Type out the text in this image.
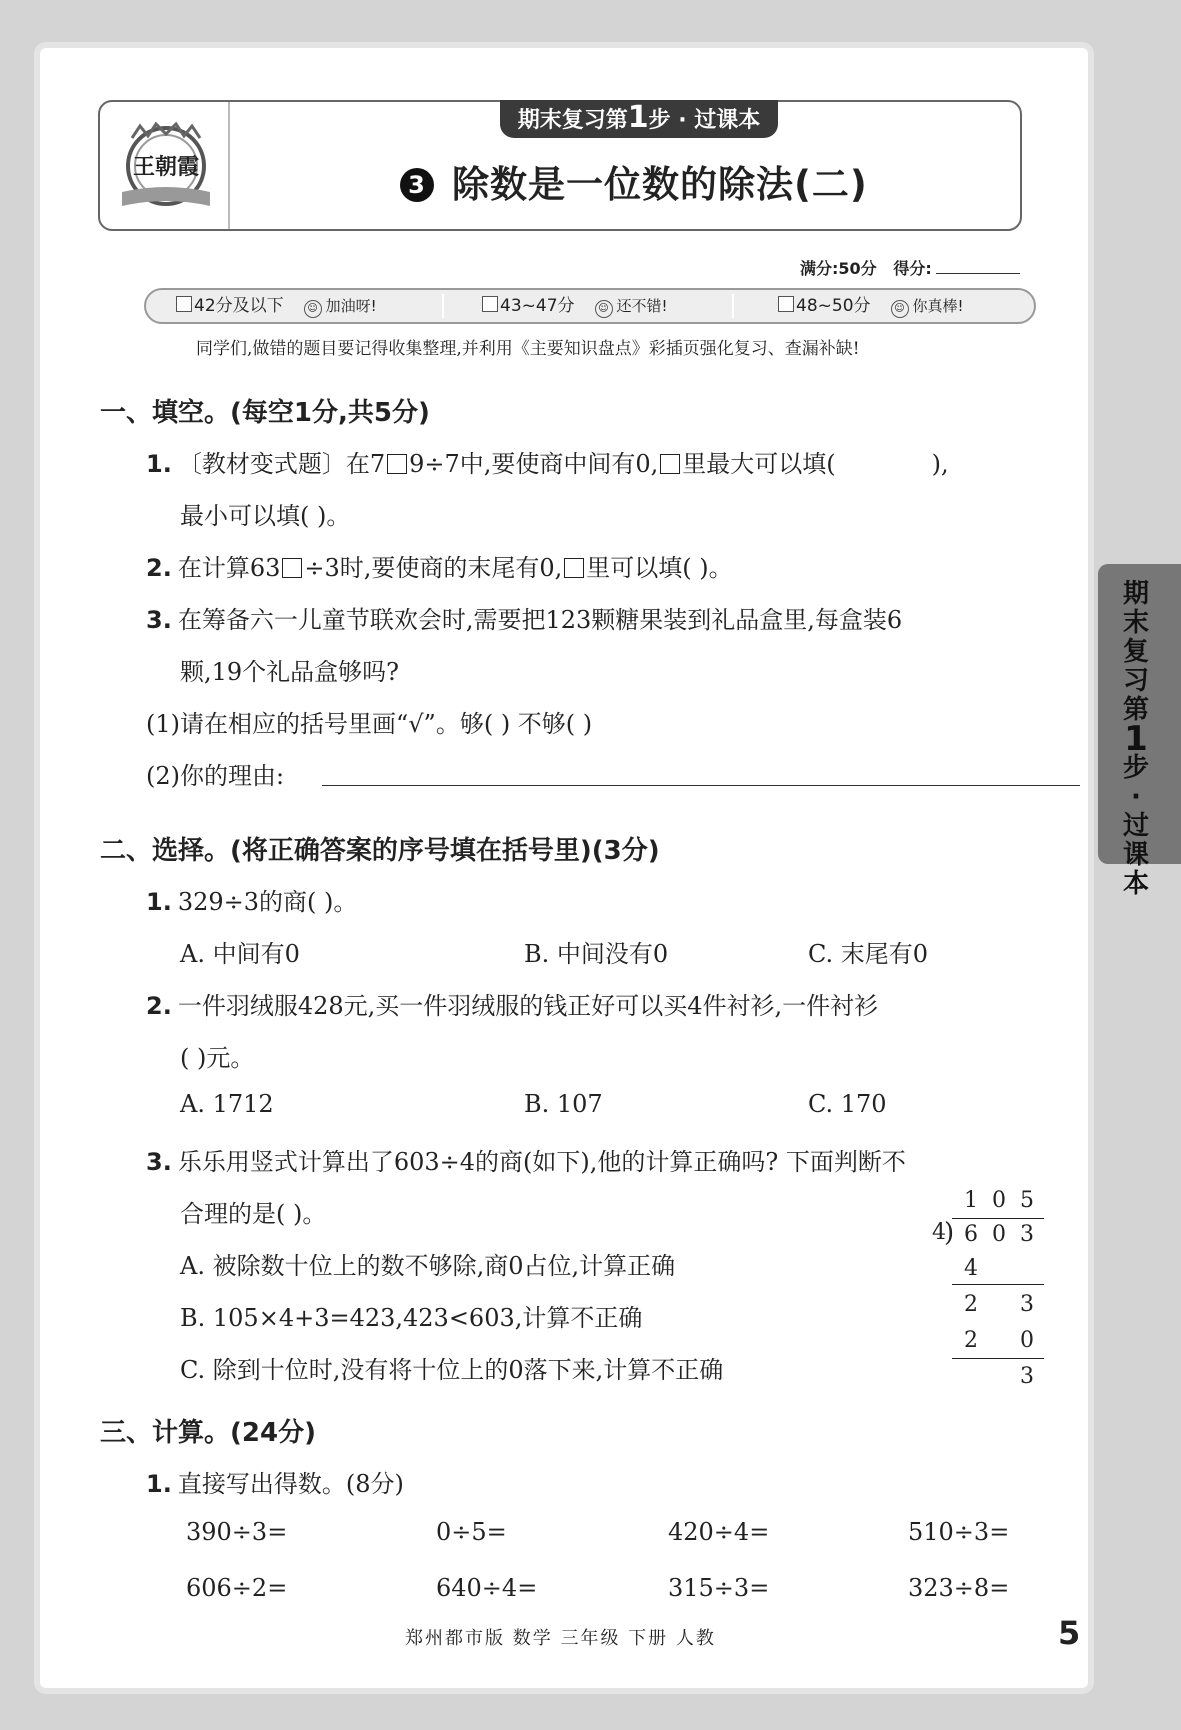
王朝霞
期末复习第1步 · 过课本
3 除数是一位数的除法(二)
满分:50分 得分:
42分及以下 ☺ 加油呀!	43~47分 ☺ 还不错!	48~50分 ☺ 你真棒!
同学们,做错的题目要记得收集整理,并利用《主要知识盘点》彩插页强化复习、查漏补缺!
期
末
复
习
第
1
步
·
过
课
本
一、填空。(每空1分,共5分)
1. 〔教材变式题〕在7 9÷7中,要使商中间有0, 里最大可以填(	),
最小可以填( )。
2. 在计算63 ÷3时,要使商的末尾有0, 里可以填( )。
3. 在筹备六一儿童节联欢会时,需要把123颗糖果装到礼品盒里,每盒装6
颗,19个礼品盒够吗?
(1)请在相应的括号里画“√”。够( ) 不够( )
(2)你的理由:
二、选择。(将正确答案的序号填在括号里)(3分)
1. 329÷3的商( )。
A. 中间有0	B. 中间没有0	C. 末尾有0
2. 一件羽绒服428元,买一件羽绒服的钱正好可以买4件衬衫,一件衬衫
( )元。
A. 1712	B. 107	C. 170
3. 乐乐用竖式计算出了603÷4的商(如下),他的计算正确吗? 下面判断不
合理的是( )。
A. 被除数十位上的数不够除,商0占位,计算正确
B. 105×4+3=423,423<603,计算不正确
C. 除到十位时,没有将十位上的0落下来,计算不正确
1 0 5
4
) 6 0 3
4
2 3
2 0
3
三、计算。(24分)
1. 直接写出得数。(8分)
390÷3=	0÷5=	420÷4=	510÷3=
606÷2=	640÷4=	315÷3=	323÷8=
郑州都市版 数学 三年级 下册 人教	5
